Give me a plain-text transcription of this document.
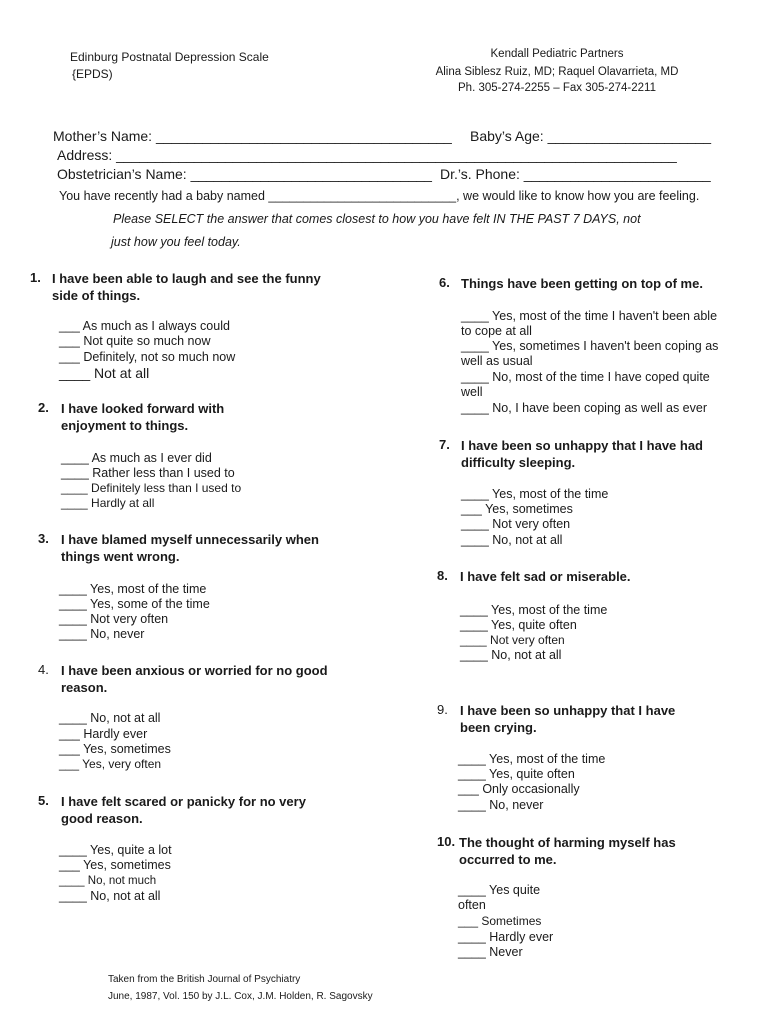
Edinburg Postnatal Depression Scale
{EPDS)
Kendall Pediatric Partners
Alina Siblesz Ruiz, MD; Raquel Olavarrieta, MD
Ph. 305-274-2255 – Fax 305-274-2211
Mother’s Name: ______________________________________ Baby’s Age: _____________________
Address: ________________________________________________________________________
Obstetrician’s Name: _______________________________ Dr.’s. Phone: ________________________
You have recently had a baby named ___________________________, we would like to know how you are feeling.
Please SELECT the answer that comes closest to how you have felt IN THE PAST 7 DAYS, not
just how you feel today.
1. I have been able to laugh and see the funny side of things.
___ As much as I always could
___ Not quite so much now
___ Definitely, not so much now
____ Not at all
2. I have looked forward with enjoyment to things.
____ As much as I ever did
____ Rather less than I used to
____ Definitely less than I used to
____ Hardly at all
3. I have blamed myself unnecessarily when things went wrong.
____ Yes, most of the time
____ Yes, some of the time
____ Not very often
____ No, never
4. I have been anxious or worried for no good reason.
____ No, not at all
___ Hardly ever
___ Yes, sometimes
___ Yes, very often
5. I have felt scared or panicky for no very good reason.
____ Yes, quite a lot
___ Yes, sometimes
____ No, not much
____ No, not at all
6. Things have been getting on top of me.
____ Yes, most of the time I haven't been able to cope at all
____ Yes, sometimes I haven't been coping as well as usual
____ No, most of the time I have coped quite well
____ No, I have been coping as well as ever
7. I have been so unhappy that I have had difficulty sleeping.
____ Yes, most of the time
___ Yes, sometimes
____ Not very often
____ No, not at all
8. I have felt sad or miserable.
____ Yes, most of the time
____ Yes, quite often
____ Not very often
____ No, not at all
9. I have been so unhappy that I have been crying.
____ Yes, most of the time
____ Yes, quite often
___ Only occasionally
____ No, never
10. The thought of harming myself has occurred to me.
____ Yes quite often
___ Sometimes
____ Hardly ever
____ Never
Taken from the British Journal of Psychiatry
June, 1987, Vol. 150 by J.L. Cox, J.M. Holden, R. Sagovsky
